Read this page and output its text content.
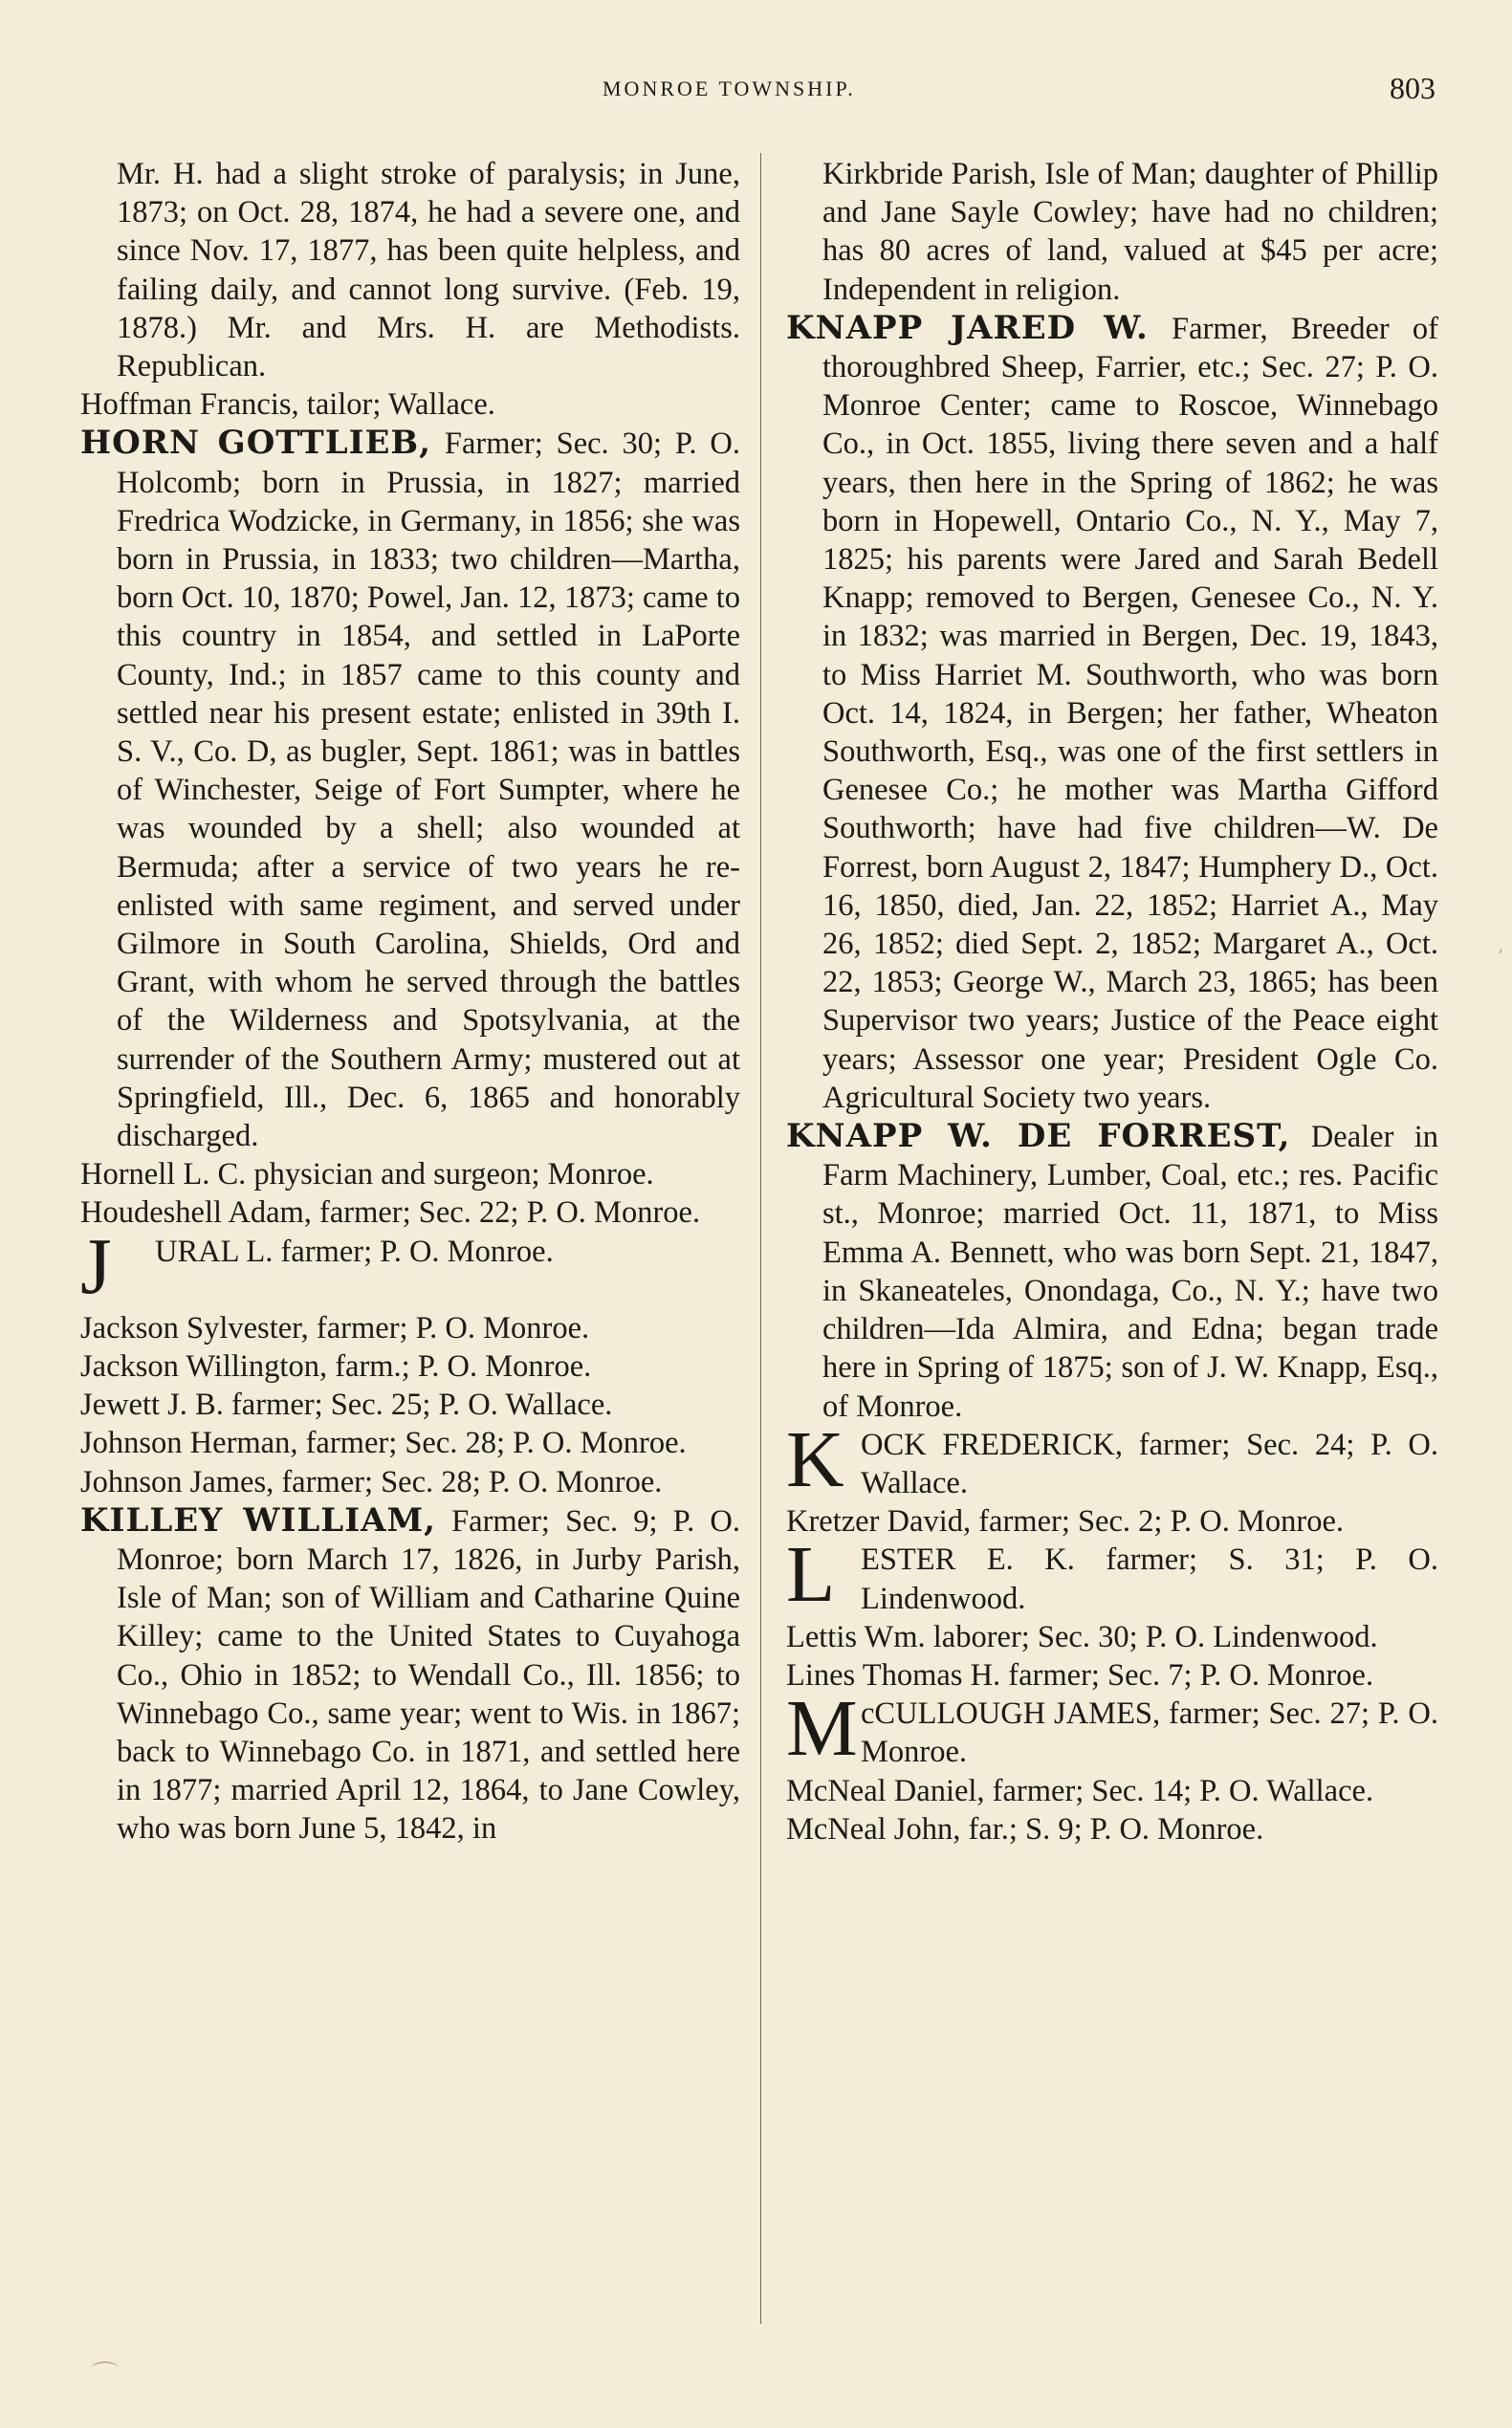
MONROE TOWNSHIP.	803

Mr. H. had a slight stroke of paralysis; in June, 1873; on Oct. 28, 1874, he had a severe one, and since Nov. 17, 1877, has been quite helpless, and failing daily, and cannot long survive. (Feb. 19, 1878.) Mr. and Mrs. H. are Methodists. Republican.

Hoffman Francis, tailor; Wallace.

HORN GOTTLIEB, Farmer; Sec. 30; P. O. Holcomb; born in Prussia, in 1827; married Fredrica Wodzicke, in Germany, in 1856; she was born in Prussia, in 1833; two children—Martha, born Oct. 10, 1870; Powel, Jan. 12, 1873; came to this country in 1854, and settled in LaPorte County, Ind.; in 1857 came to this county and settled near his present estate; enlisted in 39th I. S. V., Co. D, as bugler, Sept. 1861; was in battles of Winchester, Seige of Fort Sumpter, where he was wounded by a shell; also wounded at Bermuda; after a service of two years he re-enlisted with same regiment, and served under Gilmore in South Carolina, Shields, Ord and Grant, with whom he served through the battles of the Wilderness and Spotsylvania, at the surrender of the Southern Army; mustered out at Springfield, Ill., Dec. 6, 1865 and honorably discharged.

Hornell L. C. physician and surgeon; Monroe.

Houdeshell Adam, farmer; Sec. 22; P. O. Monroe.

J	URAL L. farmer; P. O. Monroe.

Jackson Sylvester, farmer; P. O. Monroe.

Jackson Willington, farm.; P. O. Monroe.

Jewett J. B. farmer; Sec. 25; P. O. Wallace.

Johnson Herman, farmer; Sec. 28; P. O. Monroe.

Johnson James, farmer; Sec. 28; P. O. Monroe.

KILLEY WILLIAM, Farmer; Sec. 9; P. O. Monroe; born March 17, 1826, in Jurby Parish, Isle of Man; son of William and Catharine Quine Killey; came to the United States to Cuyahoga Co., Ohio in 1852; to Wendall Co., Ill. 1856; to Winnebago Co., same year; went to Wis. in 1867; back to Winnebago Co. in 1871, and settled here in 1877; married April 12, 1864, to Jane Cowley, who was born June 5, 1842, in

Kirkbride Parish, Isle of Man; daughter of Phillip and Jane Sayle Cowley; have had no children; has 80 acres of land, valued at $45 per acre; Independent in religion.

KNAPP JARED W. Farmer, Breeder of thoroughbred Sheep, Farrier, etc.; Sec. 27; P. O. Monroe Center; came to Roscoe, Winnebago Co., in Oct. 1855, living there seven and a half years, then here in the Spring of 1862; he was born in Hopewell, Ontario Co., N. Y., May 7, 1825; his parents were Jared and Sarah Bedell Knapp; removed to Bergen, Genesee Co., N. Y. in 1832; was married in Bergen, Dec. 19, 1843, to Miss Harriet M. Southworth, who was born Oct. 14, 1824, in Bergen; her father, Wheaton Southworth, Esq., was one of the first settlers in Genesee Co.; he mother was Martha Gifford Southworth; have had five children—W. De Forrest, born August 2, 1847; Humphery D., Oct. 16, 1850, died, Jan. 22, 1852; Harriet A., May 26, 1852; died Sept. 2, 1852; Margaret A., Oct. 22, 1853; George W., March 23, 1865; has been Supervisor two years; Justice of the Peace eight years; Assessor one year; President Ogle Co. Agricultural Society two years.

KNAPP W. DE FORREST, Dealer in Farm Machinery, Lumber, Coal, etc.; res. Pacific st., Monroe; married Oct. 11, 1871, to Miss Emma A. Bennett, who was born Sept. 21, 1847, in Skaneateles, Onondaga, Co., N. Y.; have two children—Ida Almira, and Edna; began trade here in Spring of 1875; son of J. W. Knapp, Esq., of Monroe.

K OCK FREDERICK, farmer; Sec. 24; P. O. Wallace.

Kretzer David, farmer; Sec. 2; P. O. Monroe.

L ESTER E. K. farmer; S. 31; P. O. Lindenwood.

Lettis Wm. laborer; Sec. 30; P. O. Lindenwood.

Lines Thomas H. farmer; Sec. 7; P. O. Monroe.

M cCULLOUGH JAMES, farmer; Sec. 27; P. O. Monroe.

McNeal Daniel, farmer; Sec. 14; P. O. Wallace.

McNeal John, far.; S. 9; P. O. Monroe.

⌒
ʼ
